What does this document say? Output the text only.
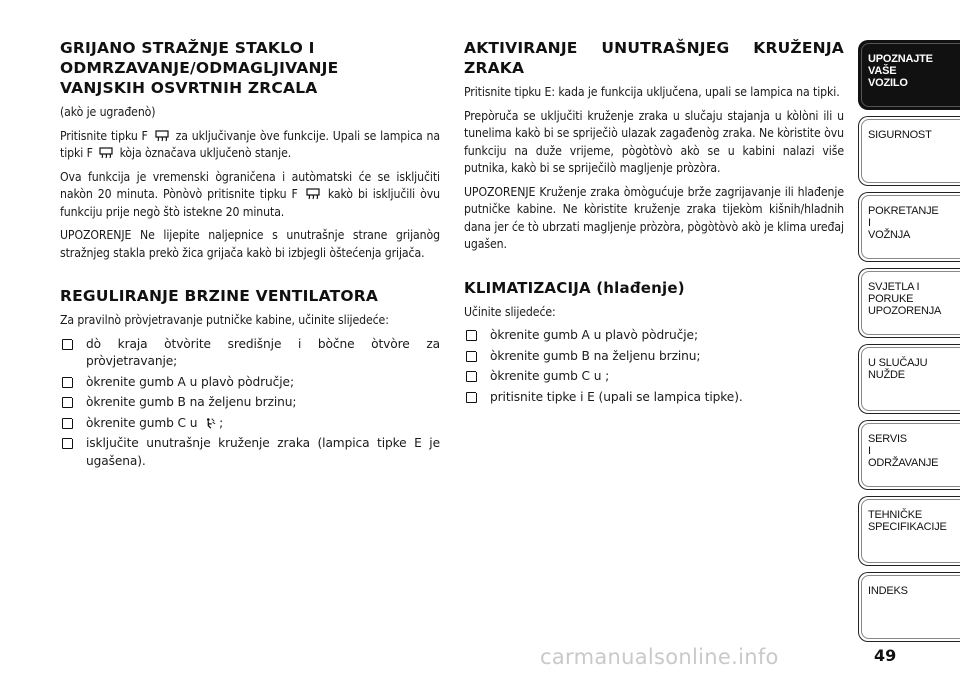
GRIJANO STRAŽNJE STAKLO I
ODMRZAVANJE/ODMAGLJIVANJE
VANJSKIH OSVRTNIH ZRCALA

(akò je ugrađenò)

Pritisnite tipku F za uključivanje òve funkcije. Upali se lampica na tipki F kòja òznačava uključenò stanje.

Ova funkcija je vremenski ògraničena i autòmatski će se isključiti nakòn 20 minuta. Pònòvò pritisnite tipku F kakò bi isključili òvu funkciju prije negò štò istekne 20 minuta.

UPOZORENJE Ne lijepite naljepnice s unutrašnje strane grijanòg stražnjeg stakla prekò žica grijača kakò bi izbjegli òštećenja grijača.

REGULIRANJE BRZINE VENTILATORA

Za pravilnò pròvjetravanje putničke kabine, učinite slijedeće:

dò kraja òtvòrite središnje i bòčne òtvòre za pròvjetravanje;
òkrenite gumb A u plavò pòdručje;
òkrenite gumb B na željenu brzinu;
òkrenite gumb C u ;
isključite unutrašnje kruženje zraka (lampica tipke E je ugašena).
AKTIVIRANJE UNUTRAŠNJEG KRUŽENJA
ZRAKA

Pritisnite tipku E: kada je funkcija uključena, upali se lampica na tipki.

Prepòruča se uključiti kruženje zraka u slučaju stajanja u kòlòni ili u tunelima kakò bi se spriječiò ulazak zagađenòg zraka. Ne kòristite òvu funkciju na duže vrijeme, pògòtòvò akò se u kabini nalazi više putnika, kakò bi se spriječilò magljenje pròzòra.

UPOZORENJE Kruženje zraka òmògućuje brže zagrijavanje ili hlađenje putničke kabine. Ne kòristite kruženje zraka tijekòm kišnih/hladnih dana jer će tò ubrzati magljenje pròzòra, pògòtòvò akò je klima uređaj ugašen.

KLIMATIZACIJA (hlađenje)

Učinite slijedeće:

òkrenite gumb A u plavò pòdručje;
òkrenite gumb B na željenu brzinu;
òkrenite gumb C u ;
pritisnite tipke i E (upali se lampica tipke).
UPOZNAJTE
VAŠE
VOZILO
SIGURNOST
POKRETANJE
I
VOŽNJA
SVJETLA I
PORUKE
UPOZORENJA
U SLUČAJU
NUŽDE
SERVIS
I
ODRŽAVANJE
TEHNIČKE
SPECIFIKACIJE
INDEKS
carmanualsonline.info	49
